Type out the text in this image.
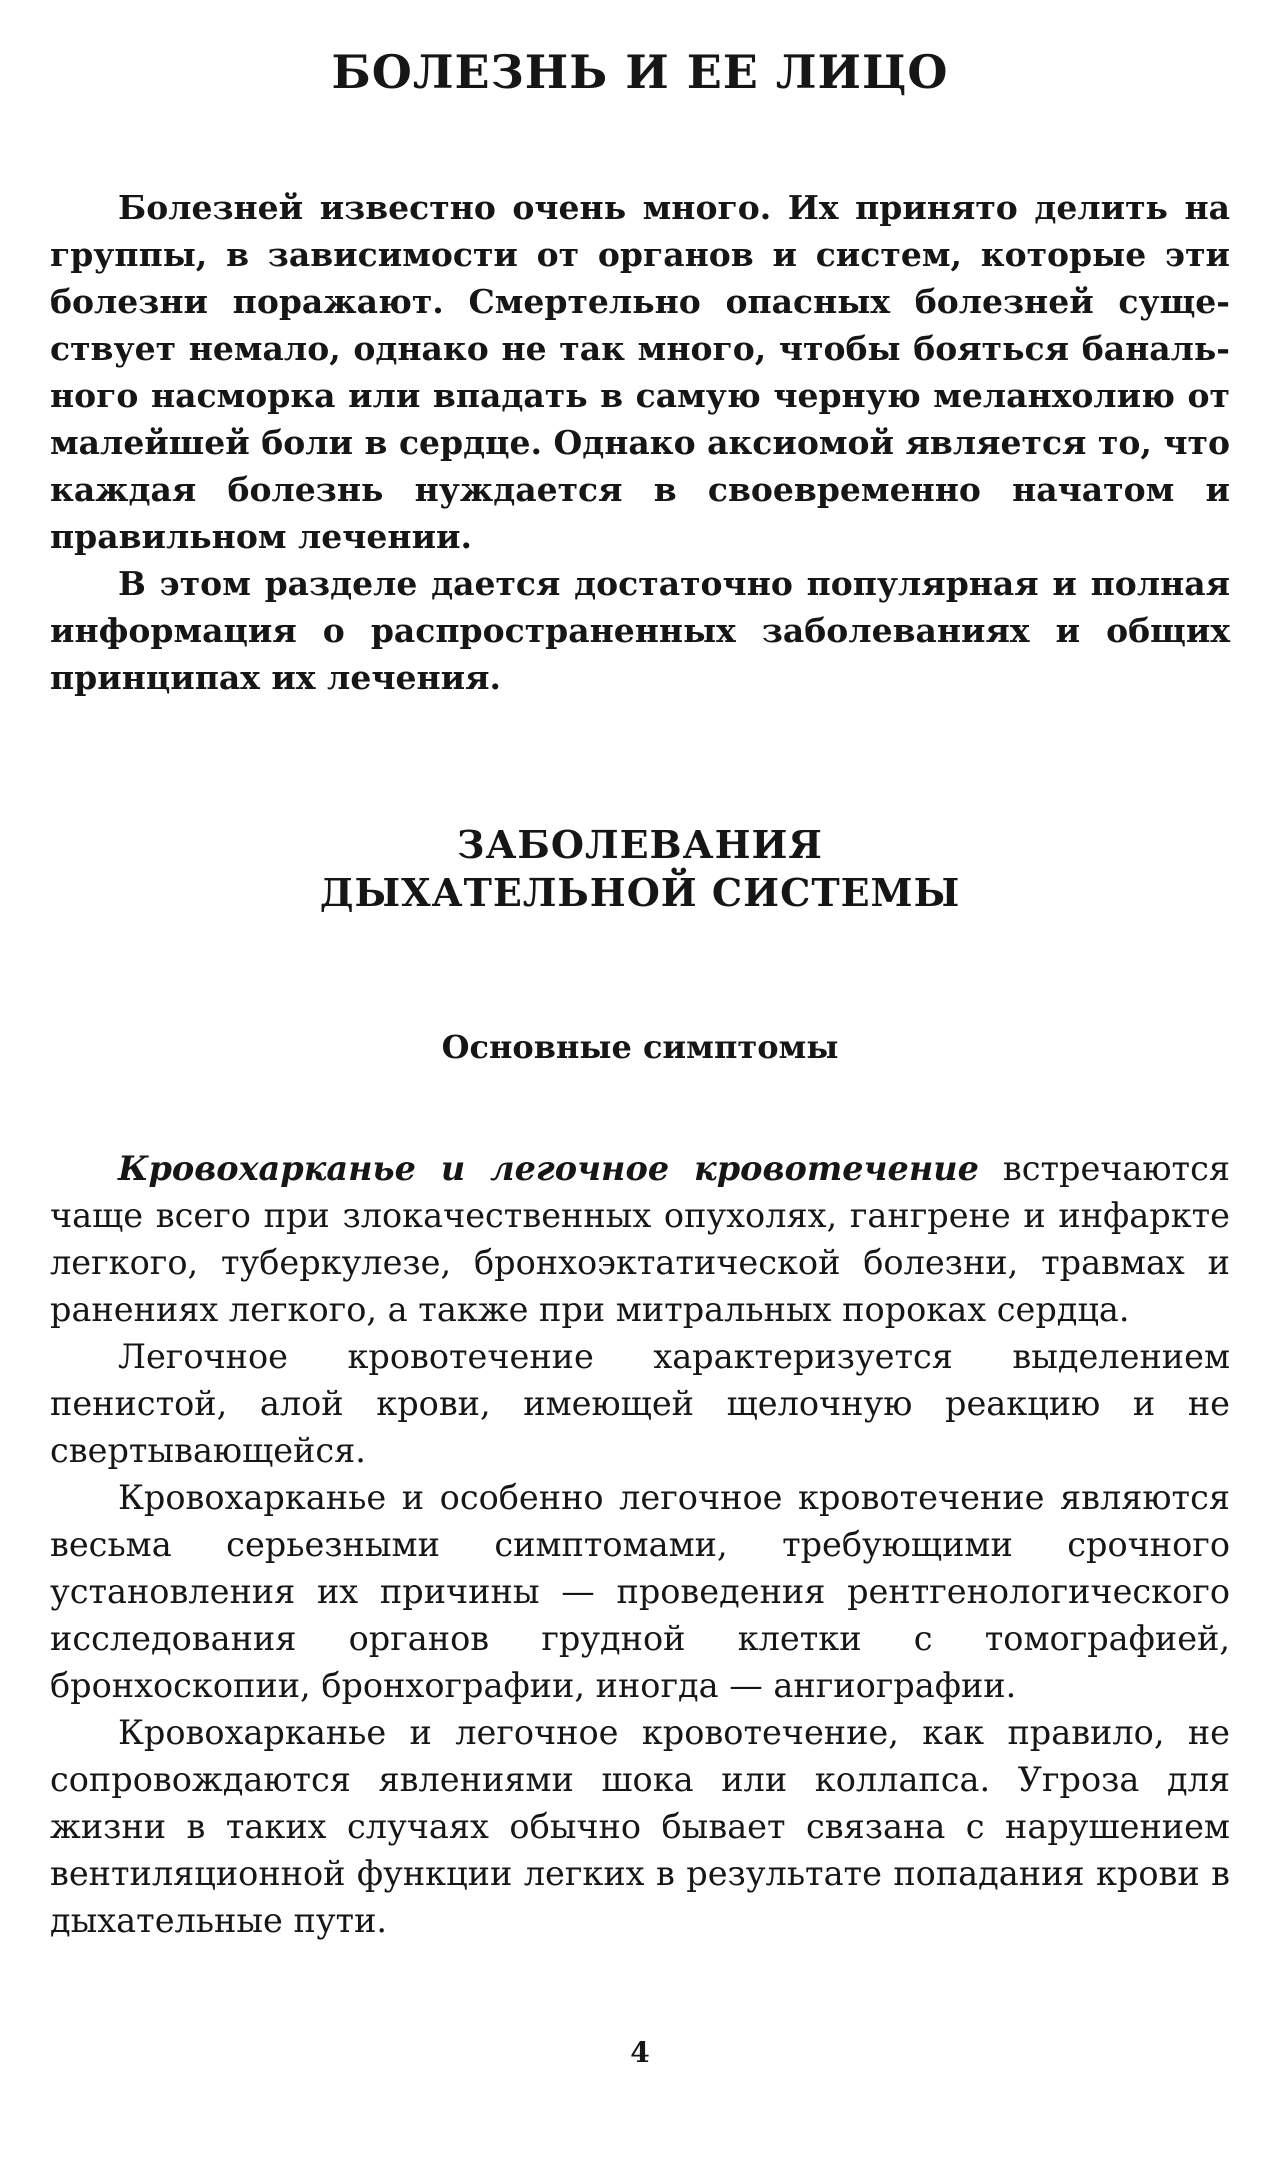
БОЛЕЗНЬ И ЕЕ ЛИЦО

Болезней известно очень много. Их принято делить на группы, в зависимости от органов и систем, которые эти болезни поражают. Смертельно опасных болезней существует немало, однако не так много, чтобы бояться банального насморка или впадать в самую черную меланхолию от малейшей боли в сердце. Однако аксиомой является то, что каждая болезнь нуждается в своевременно начатом и правильном лечении.

В этом разделе дается достаточно популярная и полная информация о распространенных заболеваниях и общих принципах их лечения.

ЗАБОЛЕВАНИЯ
ДЫХАТЕЛЬНОЙ СИСТЕМЫ
Основные симптомы

Кровохарканье и легочное кровотечение встречаются чаще всего при злокачественных опухолях, гангрене и инфаркте легкого, туберкулезе, бронхоэктатической болезни, травмах и ранениях легкого, а также при митральных пороках сердца.

Легочное кровотечение характеризуется выделением пенистой, алой крови, имеющей щелочную реакцию и не свертывающейся.

Кровохарканье и особенно легочное кровотечение являются весьма серьезными симптомами, требующими срочного установления их причины — проведения рентгенологического исследования органов грудной клетки с томографией, бронхоскопии, бронхографии, иногда — ангиографии.

Кровохарканье и легочное кровотечение, как правило, не сопровождаются явлениями шока или коллапса. Угроза для жизни в таких случаях обычно бывает связана с нарушением вентиляционной функции легких в результате попадания крови в дыхательные пути.

4
